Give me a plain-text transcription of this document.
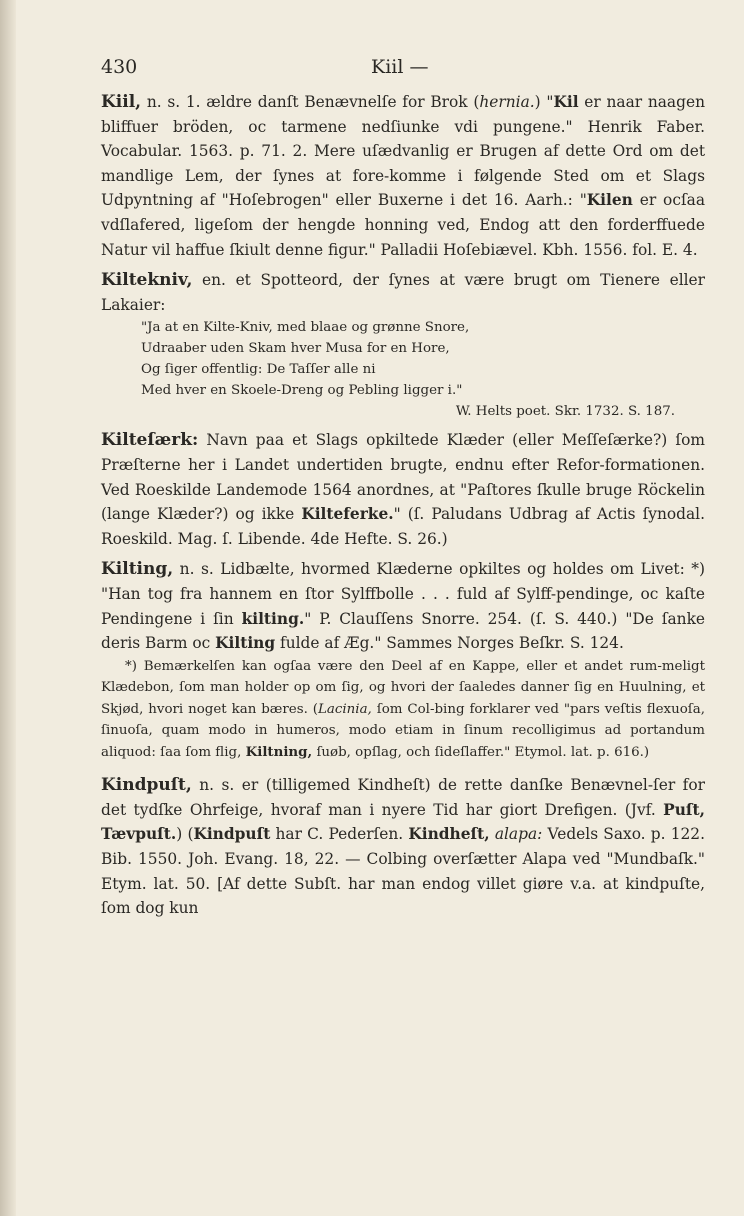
430	Kiil —

Kiil, n. s. 1. ældre danſt Benævnelſe for Brok (hernia.) "Kil er naar naagen bliffuer bröden, oc tarmene nedſiunke vdi pungene." Henrik Faber. Vocabular. 1563. p. 71. 2. Mere uſædvanlig er Brugen af dette Ord om det mandlige Lem, der ſynes at fore-komme i følgende Sted om et Slags Udpyntning af "Hoſebrogen" eller Buxerne i det 16. Aarh.: "Kilen er ocſaa vdſlafered, ligeſom der hengde honning ved, Endog att den forderffuede Natur vil haffue ſkiult denne figur." Palladii Hoſebiævel. Kbh. 1556. fol. E. 4.

Kiltekniv, en. et Spotteord, der ſynes at være brugt om Tienere eller Lakaier:

"Ja at en Kilte-Kniv, med blaae og grønne Snore,
Udraaber uden Skam hver Musa for en Hore,
Og ſiger offentlig: De Taſſer alle ni
Med hver en Skoele-Dreng og Pebling ligger i."
W. Helts poet. Skr. 1732. S. 187.

Kilteſærk: Navn paa et Slags opkiltede Klæder (eller Meſſeſærke?) ſom Præſterne her i Landet undertiden brugte, endnu efter Refor-formationen. Ved Roeskilde Landemode 1564 anordnes, at "Paſtores ſkulle bruge Röckelin (lange Klæder?) og ikke Kilteferke." (ſ. Paludans Udbrag af Actis ſynodal. Roeskild. Mag. ſ. Libende. 4de Hefte. S. 26.)

Kilting, n. s. Lidbælte, hvormed Klæderne opkiltes og holdes om Livet: *) "Han tog fra hannem en ſtor Sylffbolle . . . fuld af Sylff-pendinge, oc kaſte Pendingene i ſin kilting." P. Clauſſens Snorre. 254. (ſ. S. 440.) "De ſanke deris Barm oc Kilting fulde af Æg." Sammes Norges Beſkr. S. 124.

*) Bemærkelſen kan ogſaa være den Deel af en Kappe, eller et andet rum-meligt Klædebon, ſom man holder op om ſig, og hvori der ſaaledes danner ſig en Huulning, et Skjød, hvori noget kan bæres. (Lacinia, ſom Col-bing forklarer ved "pars veſtis flexuoſa, ſinuoſa, quam modo in humeros, modo etiam in ſinum recolligimus ad portandum aliquod: ſaa ſom flig, Kiltning, ſuøb, opſlag, och ſideſlaffer." Etymol. lat. p. 616.)

Kindpuſt, n. s. er (tilligemed Kindheſt) de rette danſke Benævnel-ſer for det tydſke Ohrfeige, hvoraf man i nyere Tid har giort Drefigen. (Jvf. Puſt, Tævpuſt.) (Kindpuſt har C. Pederſen. Kindheſt, alapa: Vedels Saxo. p. 122. Bib. 1550. Joh. Evang. 18, 22. — Colbing overſætter Alapa ved "Mundbaſk." Etym. lat. 50. [Af dette Subſt. har man endog villet giøre v.a. at kindpuſte, ſom dog kun
